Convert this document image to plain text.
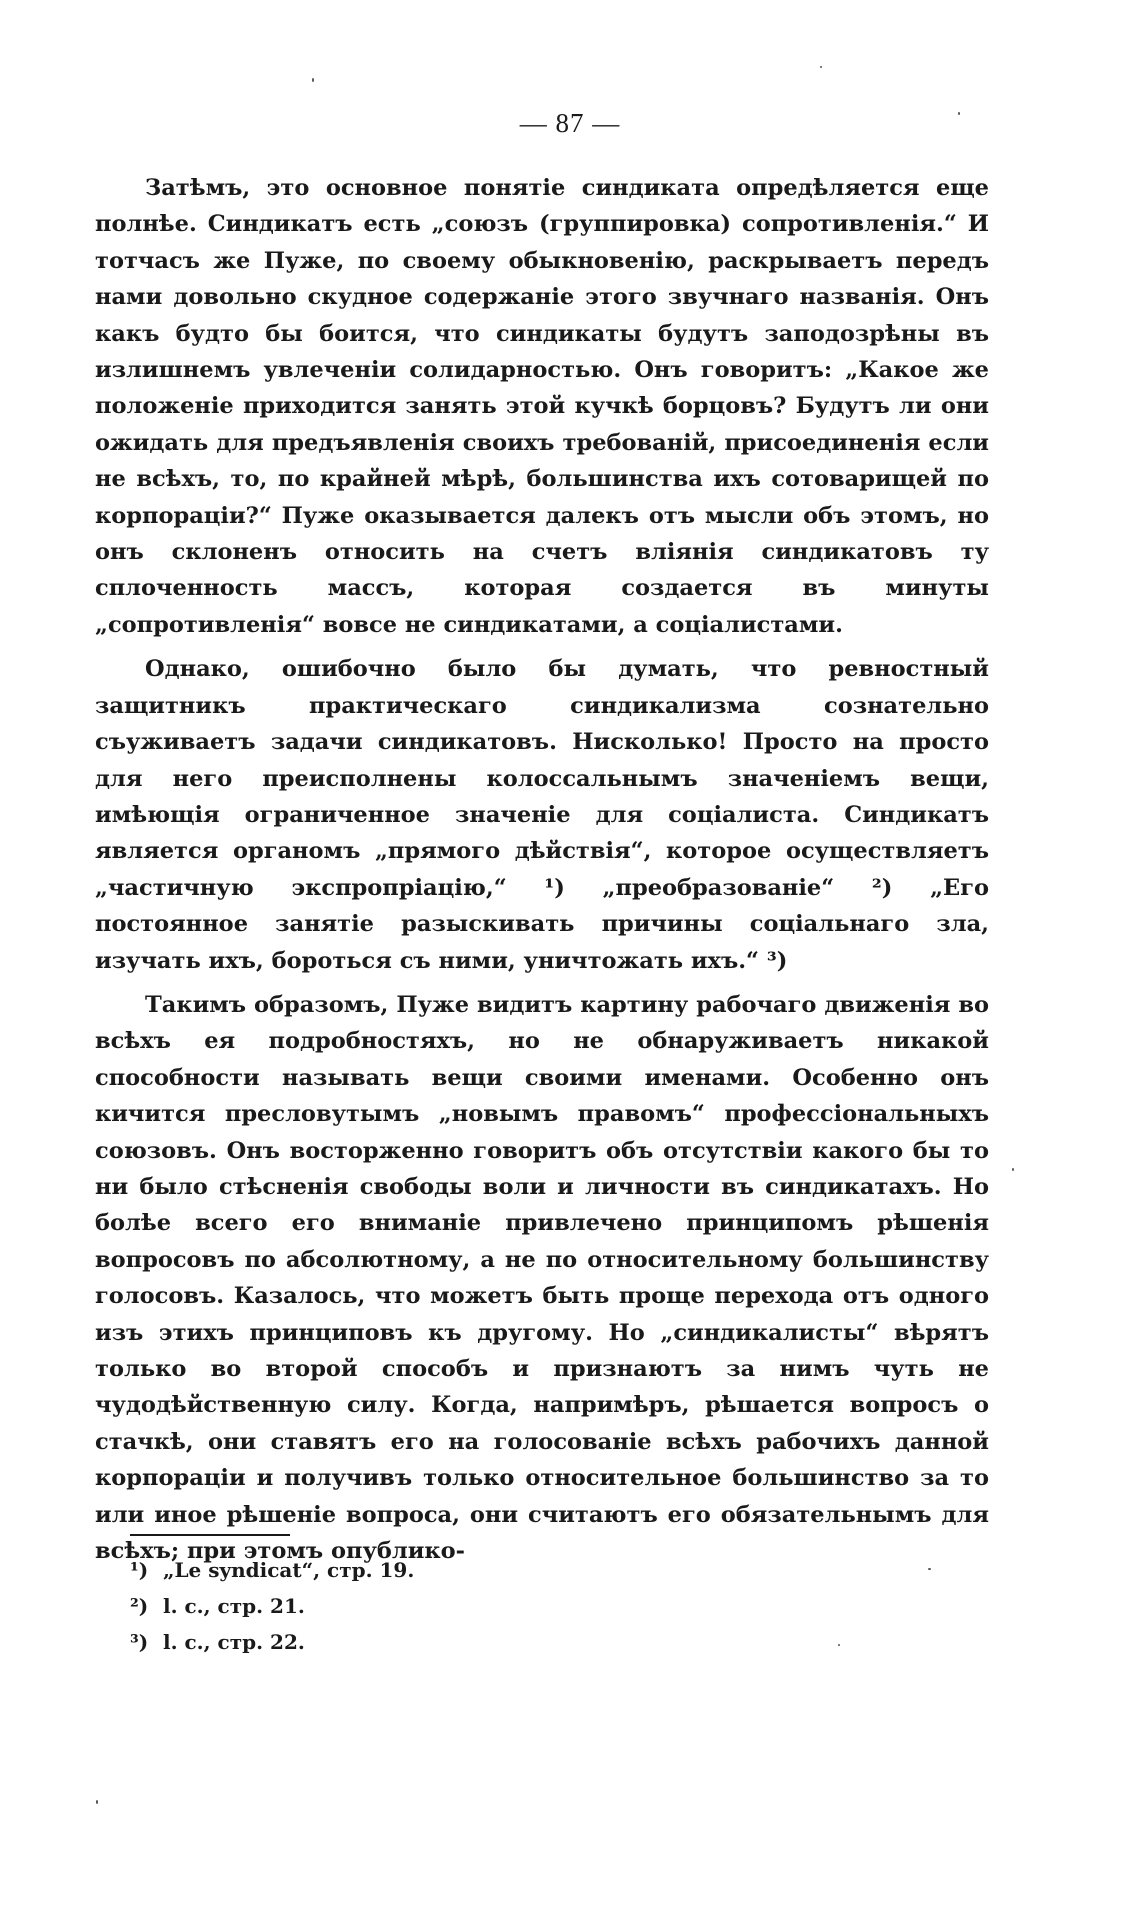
— 87 —

Затѣмъ, это основное понятіе синдиката опредѣляется еще полнѣе. Синдикатъ есть „союзъ (группировка) сопротивленія.“ И тотчасъ же Пуже, по своему обыкновенію, раскрываетъ передъ нами довольно скудное содержаніе этого звучнаго названія. Онъ какъ будто бы боится, что синдикаты будутъ заподозрѣны въ излишнемъ увлеченіи солидарностью. Онъ говоритъ: „Какое же положеніе приходится занять этой кучкѣ борцовъ? Будутъ ли они ожидать для предъявленія своихъ требованій, присоединенія если не всѣхъ, то, по крайней мѣрѣ, большинства ихъ сотоварищей по корпораціи?“ Пуже оказывается далекъ отъ мысли объ этомъ, но онъ склоненъ относить на счетъ вліянія синдикатовъ ту сплоченность массъ, которая создается въ минуты „сопротивленія“ вовсе не синдикатами, а соціалистами.

Однако, ошибочно было бы думать, что ревностный защитникъ практическаго синдикализма сознательно съуживаетъ задачи синдикатовъ. Нисколько! Просто на просто для него преисполнены колоссальнымъ значеніемъ вещи, имѣющія ограниченное значеніе для соціалиста. Синдикатъ является органомъ „прямого дѣйствія“, которое осуществляетъ „частичную экспропріацію,“ ¹) „преобразованіе“ ²) „Его постоянное занятіе разыскивать причины соціальнаго зла, изучать ихъ, бороться съ ними, уничтожать ихъ.“ ³)

Такимъ образомъ, Пуже видитъ картину рабочаго движенія во всѣхъ ея подробностяхъ, но не обнаруживаетъ никакой способности называть вещи своими именами. Особенно онъ кичится пресловутымъ „новымъ правомъ“ профессіональныхъ союзовъ. Онъ восторженно говоритъ объ отсутствіи какого бы то ни было стѣсненія свободы воли и личности въ синдикатахъ. Но болѣе всего его вниманіе привлечено принципомъ рѣшенія вопросовъ по абсолютному, а не по относительному большинству голосовъ. Казалось, что можетъ быть проще перехода отъ одного изъ этихъ принциповъ къ другому. Но „синдикалисты“ вѣрятъ только во второй способъ и признаютъ за нимъ чуть не чудодѣйственную силу. Когда, напримѣръ, рѣшается вопросъ о стачкѣ, они ставятъ его на голосованіе всѣхъ рабочихъ данной корпораціи и получивъ только относительное большинство за то или иное рѣшеніе вопроса, они считаютъ его обязательнымъ для всѣхъ; при этомъ опублико-

¹) „Le syndicat“, стр. 19.
²) l. c., стр. 21.
³) l. c., стр. 22.
